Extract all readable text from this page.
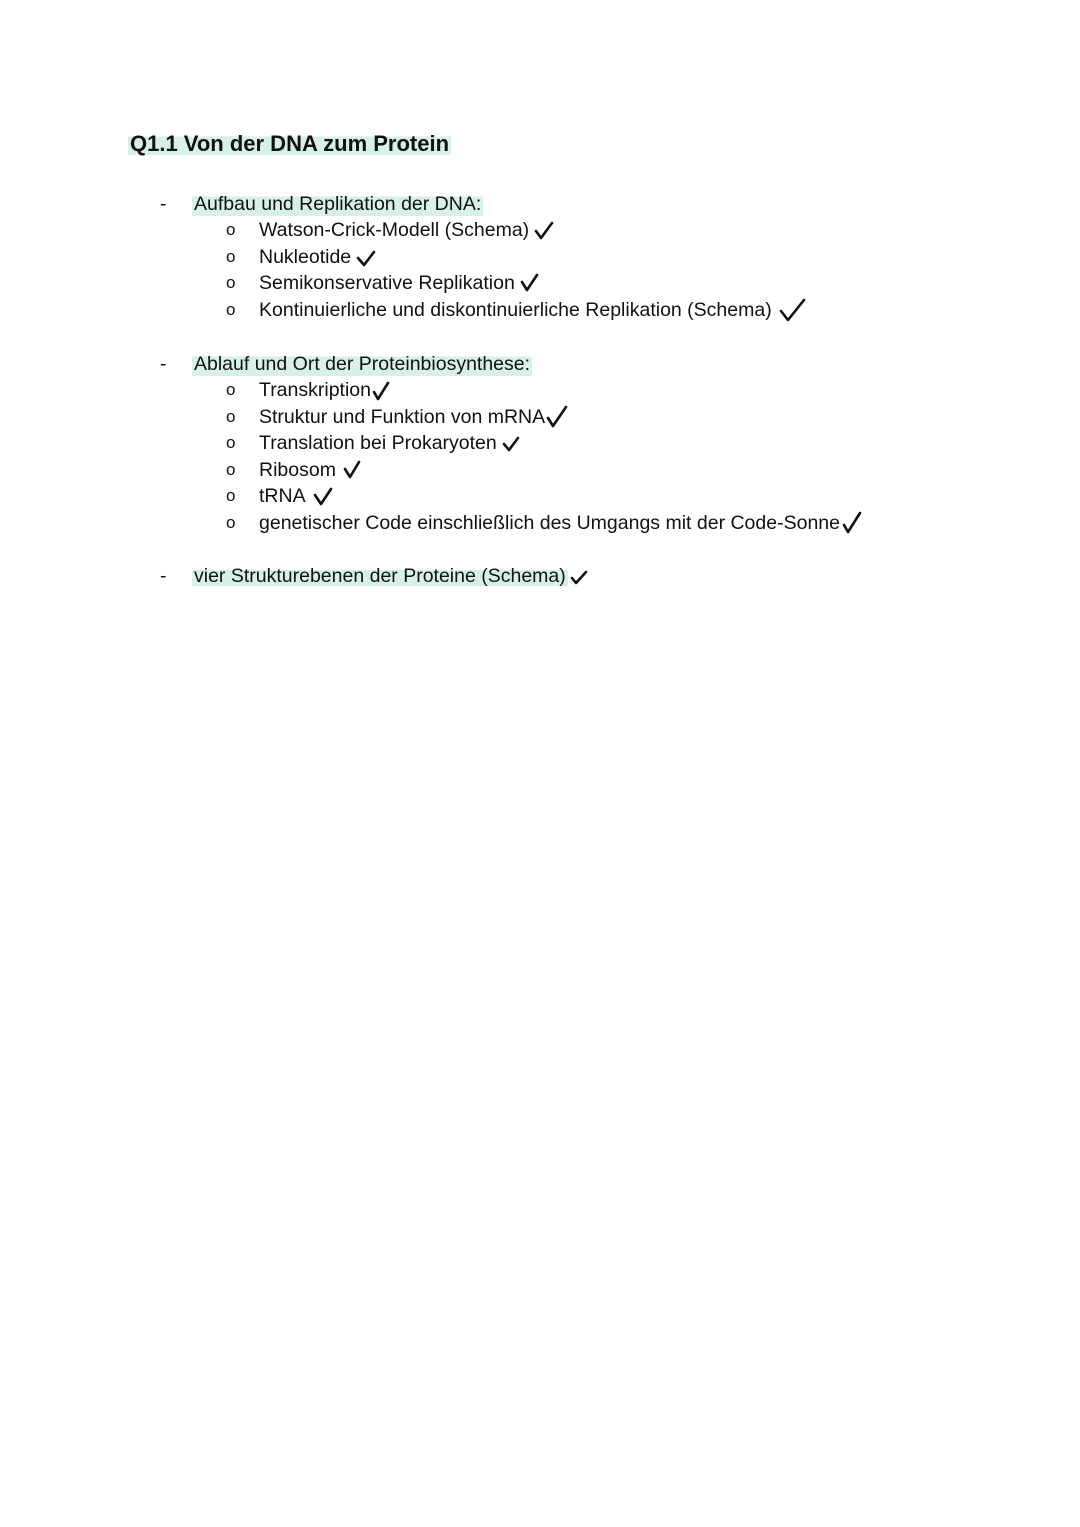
Q1.1 Von der DNA zum Protein
- Aufbau und Replikation der DNA:
o Watson-Crick-Modell (Schema)
o Nukleotide
o Semikonservative Replikation
o Kontinuierliche und diskontinuierliche Replikation (Schema)
- Ablauf und Ort der Proteinbiosynthese:
o Transkription
o Struktur und Funktion von mRNA
o Translation bei Prokaryoten
o Ribosom
o tRNA
o genetischer Code einschließlich des Umgangs mit der Code-Sonne
- vier Strukturebenen der Proteine (Schema)
